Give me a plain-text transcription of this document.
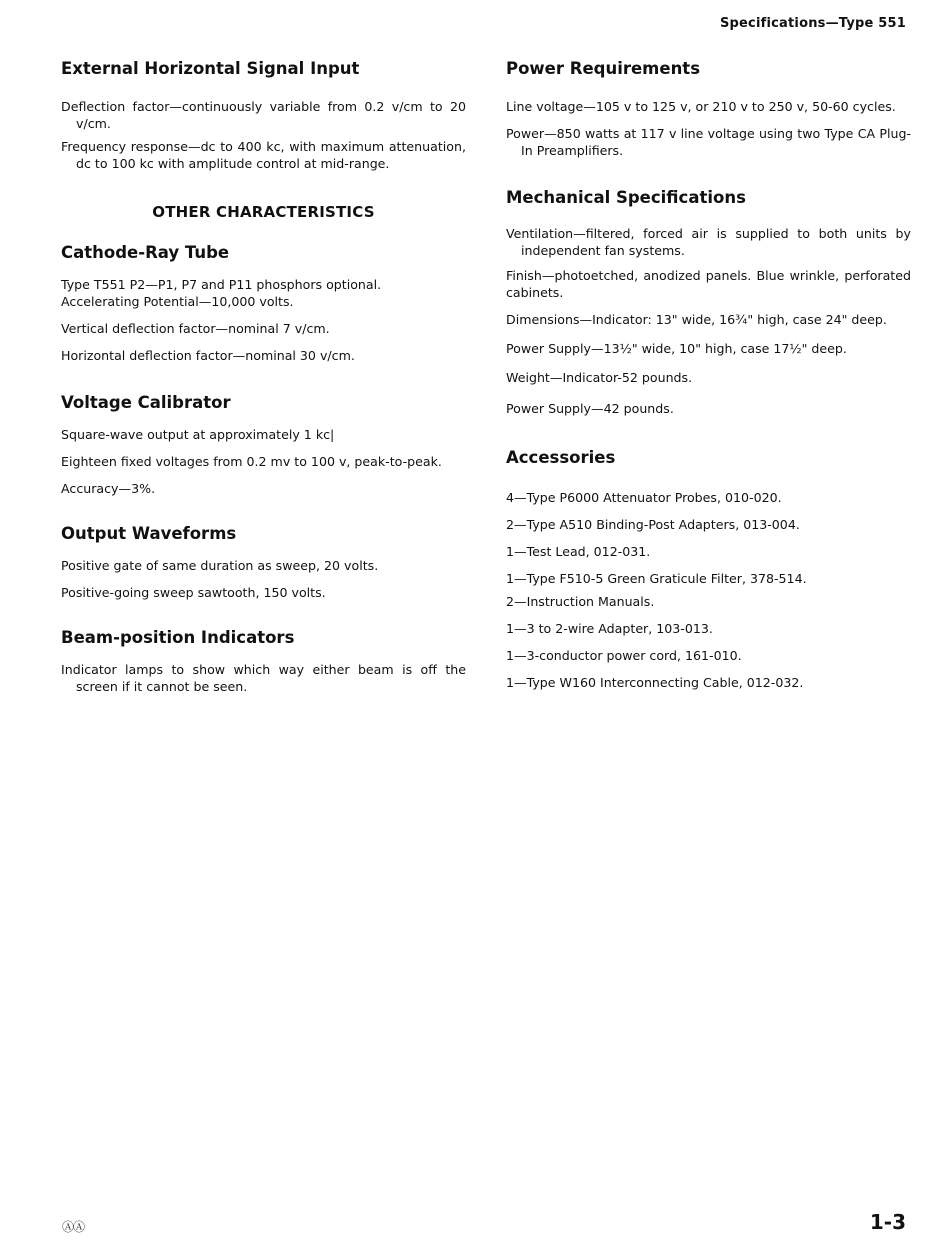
Specifications—Type 551
External Horizontal Signal Input

Deflection factor—continuously variable from 0.2 v/cm to 20 v/cm.

Frequency response—dc to 400 kc, with maximum attenuation, dc to 100 kc with amplitude control at mid-range.

OTHER CHARACTERISTICS
Cathode-Ray Tube

Type T551 P2—P1, P7 and P11 phosphors optional.

Accelerating Potential—10,000 volts.

Vertical deflection factor—nominal 7 v/cm.

Horizontal deflection factor—nominal 30 v/cm.

Voltage Calibrator

Square-wave output at approximately 1 kc|

Eighteen fixed voltages from 0.2 mv to 100 v, peak-to-peak.

Accuracy—3%.

Output Waveforms

Positive gate of same duration as sweep, 20 volts.

Positive-going sweep sawtooth, 150 volts.

Beam-position Indicators

Indicator lamps to show which way either beam is off the screen if it cannot be seen.

Power Requirements

Line voltage—105 v to 125 v, or 210 v to 250 v, 50-60 cycles.

Power—850 watts at 117 v line voltage using two Type CA Plug-In Preamplifiers.

Mechanical Specifications

Ventilation—filtered, forced air is supplied to both units by independent fan systems.

Finish—photoetched, anodized panels. Blue wrinkle, perforated cabinets.

Dimensions—Indicator: 13" wide, 16¾" high, case 24" deep.

Power Supply—13½" wide, 10" high, case 17½" deep.

Weight—Indicator-52 pounds.

Power Supply—42 pounds.

Accessories

4—Type P6000 Attenuator Probes, 010-020.

2—Type A510 Binding-Post Adapters, 013-004.

1—Test Lead, 012-031.

1—Type F510-5 Green Graticule Filter, 378-514.

2—Instruction Manuals.

1—3 to 2-wire Adapter, 103-013.

1—3-conductor power cord, 161-010.

1—Type W160 Interconnecting Cable, 012-032.

ⒶⒶ	1-3
